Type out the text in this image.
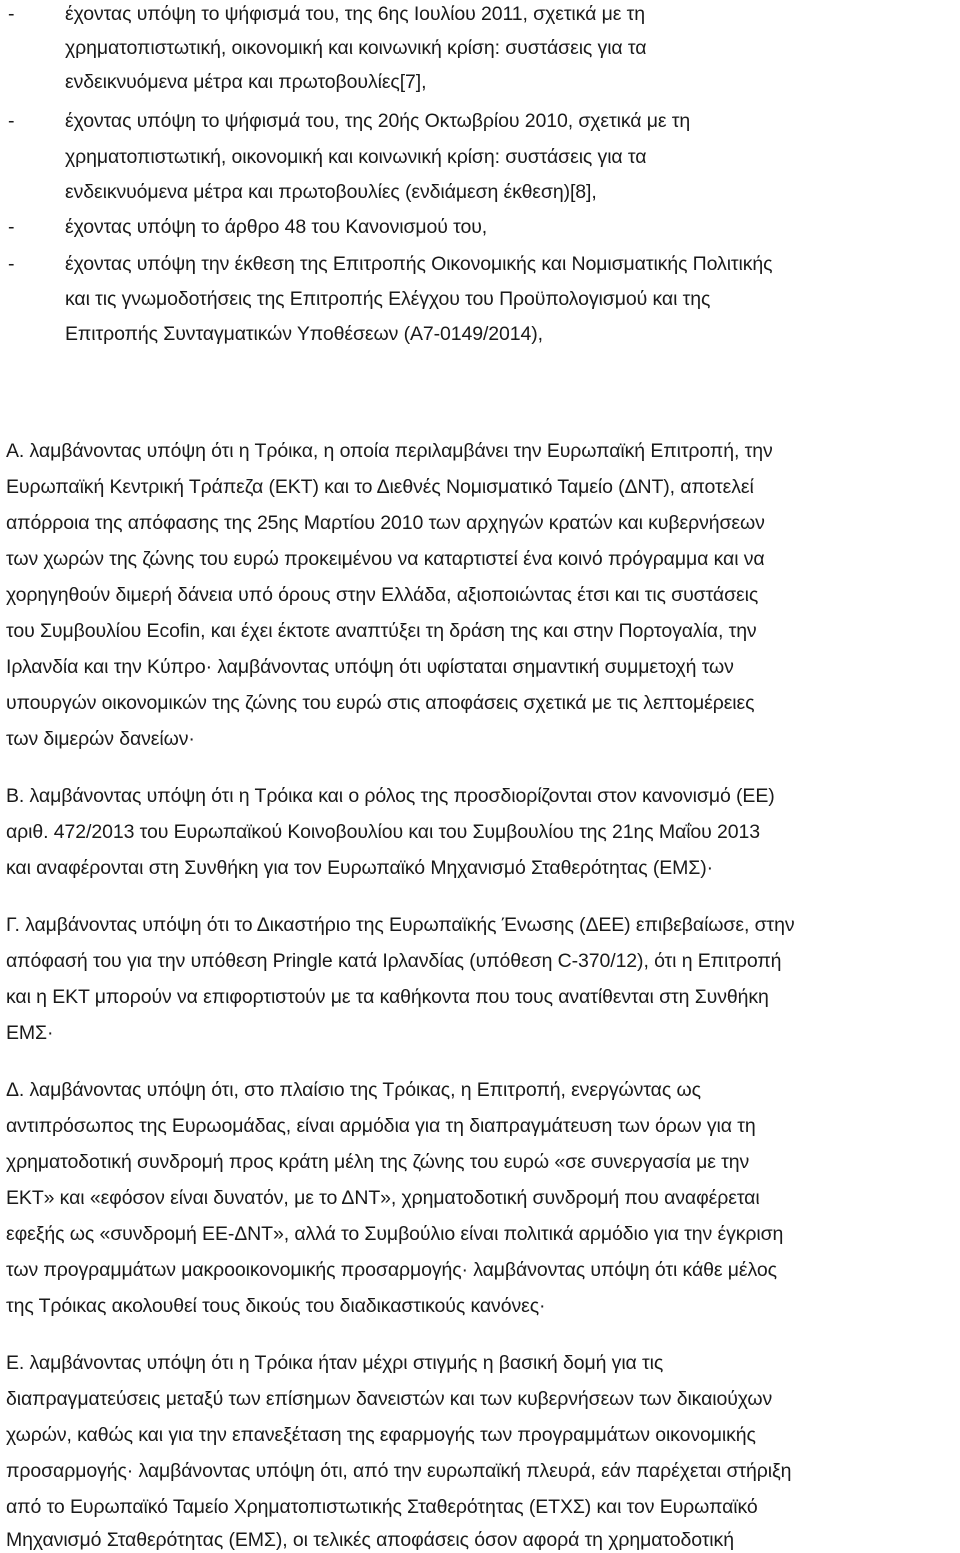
-	έχοντας υπόψη το ψήφισμά του, της 6ης Ιουλίου 2011, σχετικά με τη
χρηματοπιστωτική, οικονομική και κοινωνική κρίση: συστάσεις για τα
ενδεικνυόμενα μέτρα και πρωτοβουλίες[7],
-	έχοντας υπόψη το ψήφισμά του, της 20ής Οκτωβρίου 2010, σχετικά με τη
χρηματοπιστωτική, οικονομική και κοινωνική κρίση: συστάσεις για τα
ενδεικνυόμενα μέτρα και πρωτοβουλίες (ενδιάμεση έκθεση)[8],
-	έχοντας υπόψη το άρθρο 48 του Κανονισμού του,
-	έχοντας υπόψη την έκθεση της Επιτροπής Οικονομικής και Νομισματικής Πολιτικής
και τις γνωμοδοτήσεις της Επιτροπής Ελέγχου του Προϋπολογισμού και της
Επιτροπής Συνταγματικών Υποθέσεων (A7-0149/2014),
Α. λαμβάνοντας υπόψη ότι η Τρόικα, η οποία περιλαμβάνει την Ευρωπαϊκή Επιτροπή, την
Ευρωπαϊκή Κεντρική Τράπεζα (ΕΚΤ) και το Διεθνές Νομισματικό Ταμείο (ΔΝΤ), αποτελεί
απόρροια της απόφασης της 25ης Μαρτίου 2010 των αρχηγών κρατών και κυβερνήσεων
των χωρών της ζώνης του ευρώ προκειμένου να καταρτιστεί ένα κοινό πρόγραμμα και να
χορηγηθούν διμερή δάνεια υπό όρους στην Ελλάδα, αξιοποιώντας έτσι και τις συστάσεις
του Συμβουλίου Ecofin, και έχει έκτοτε αναπτύξει τη δράση της και στην Πορτογαλία, την
Ιρλανδία και την Κύπρο· λαμβάνοντας υπόψη ότι υφίσταται σημαντική συμμετοχή των
υπουργών οικονομικών της ζώνης του ευρώ στις αποφάσεις σχετικά με τις λεπτομέρειες
των διμερών δανείων·
Β. λαμβάνοντας υπόψη ότι η Τρόικα και ο ρόλος της προσδιορίζονται στον κανονισμό (ΕΕ)
αριθ. 472/2013 του Ευρωπαϊκού Κοινοβουλίου και του Συμβουλίου της 21ης Μαΐου 2013
και αναφέρονται στη Συνθήκη για τον Ευρωπαϊκό Μηχανισμό Σταθερότητας (ΕΜΣ)·
Γ. λαμβάνοντας υπόψη ότι το Δικαστήριο της Ευρωπαϊκής Ένωσης (ΔΕΕ) επιβεβαίωσε, στην
απόφασή του για την υπόθεση Pringle κατά Ιρλανδίας (υπόθεση C-370/12), ότι η Επιτροπή
και η ΕΚΤ μπορούν να επιφορτιστούν με τα καθήκοντα που τους ανατίθενται στη Συνθήκη
ΕΜΣ·
Δ. λαμβάνοντας υπόψη ότι, στο πλαίσιο της Τρόικας, η Επιτροπή, ενεργώντας ως
αντιπρόσωπος της Ευρωομάδας, είναι αρμόδια για τη διαπραγμάτευση των όρων για τη
χρηματοδοτική συνδρομή προς κράτη μέλη της ζώνης του ευρώ «σε συνεργασία με την
ΕΚΤ» και «εφόσον είναι δυνατόν, με το ΔΝΤ», χρηματοδοτική συνδρομή που αναφέρεται
εφεξής ως «συνδρομή ΕΕ-ΔΝΤ», αλλά το Συμβούλιο είναι πολιτικά αρμόδιο για την έγκριση
των προγραμμάτων μακροοικονομικής προσαρμογής· λαμβάνοντας υπόψη ότι κάθε μέλος
της Τρόικας ακολουθεί τους δικούς του διαδικαστικούς κανόνες·
Ε. λαμβάνοντας υπόψη ότι η Τρόικα ήταν μέχρι στιγμής η βασική δομή για τις
διαπραγματεύσεις μεταξύ των επίσημων δανειστών και των κυβερνήσεων των δικαιούχων
χωρών, καθώς και για την επανεξέταση της εφαρμογής των προγραμμάτων οικονομικής
προσαρμογής· λαμβάνοντας υπόψη ότι, από την ευρωπαϊκή πλευρά, εάν παρέχεται στήριξη
από το Ευρωπαϊκό Ταμείο Χρηματοπιστωτικής Σταθερότητας (ΕΤΧΣ) και τον Ευρωπαϊκό
Μηχανισμό Σταθερότητας (ΕΜΣ), οι τελικές αποφάσεις όσον αφορά τη χρηματοδοτική
